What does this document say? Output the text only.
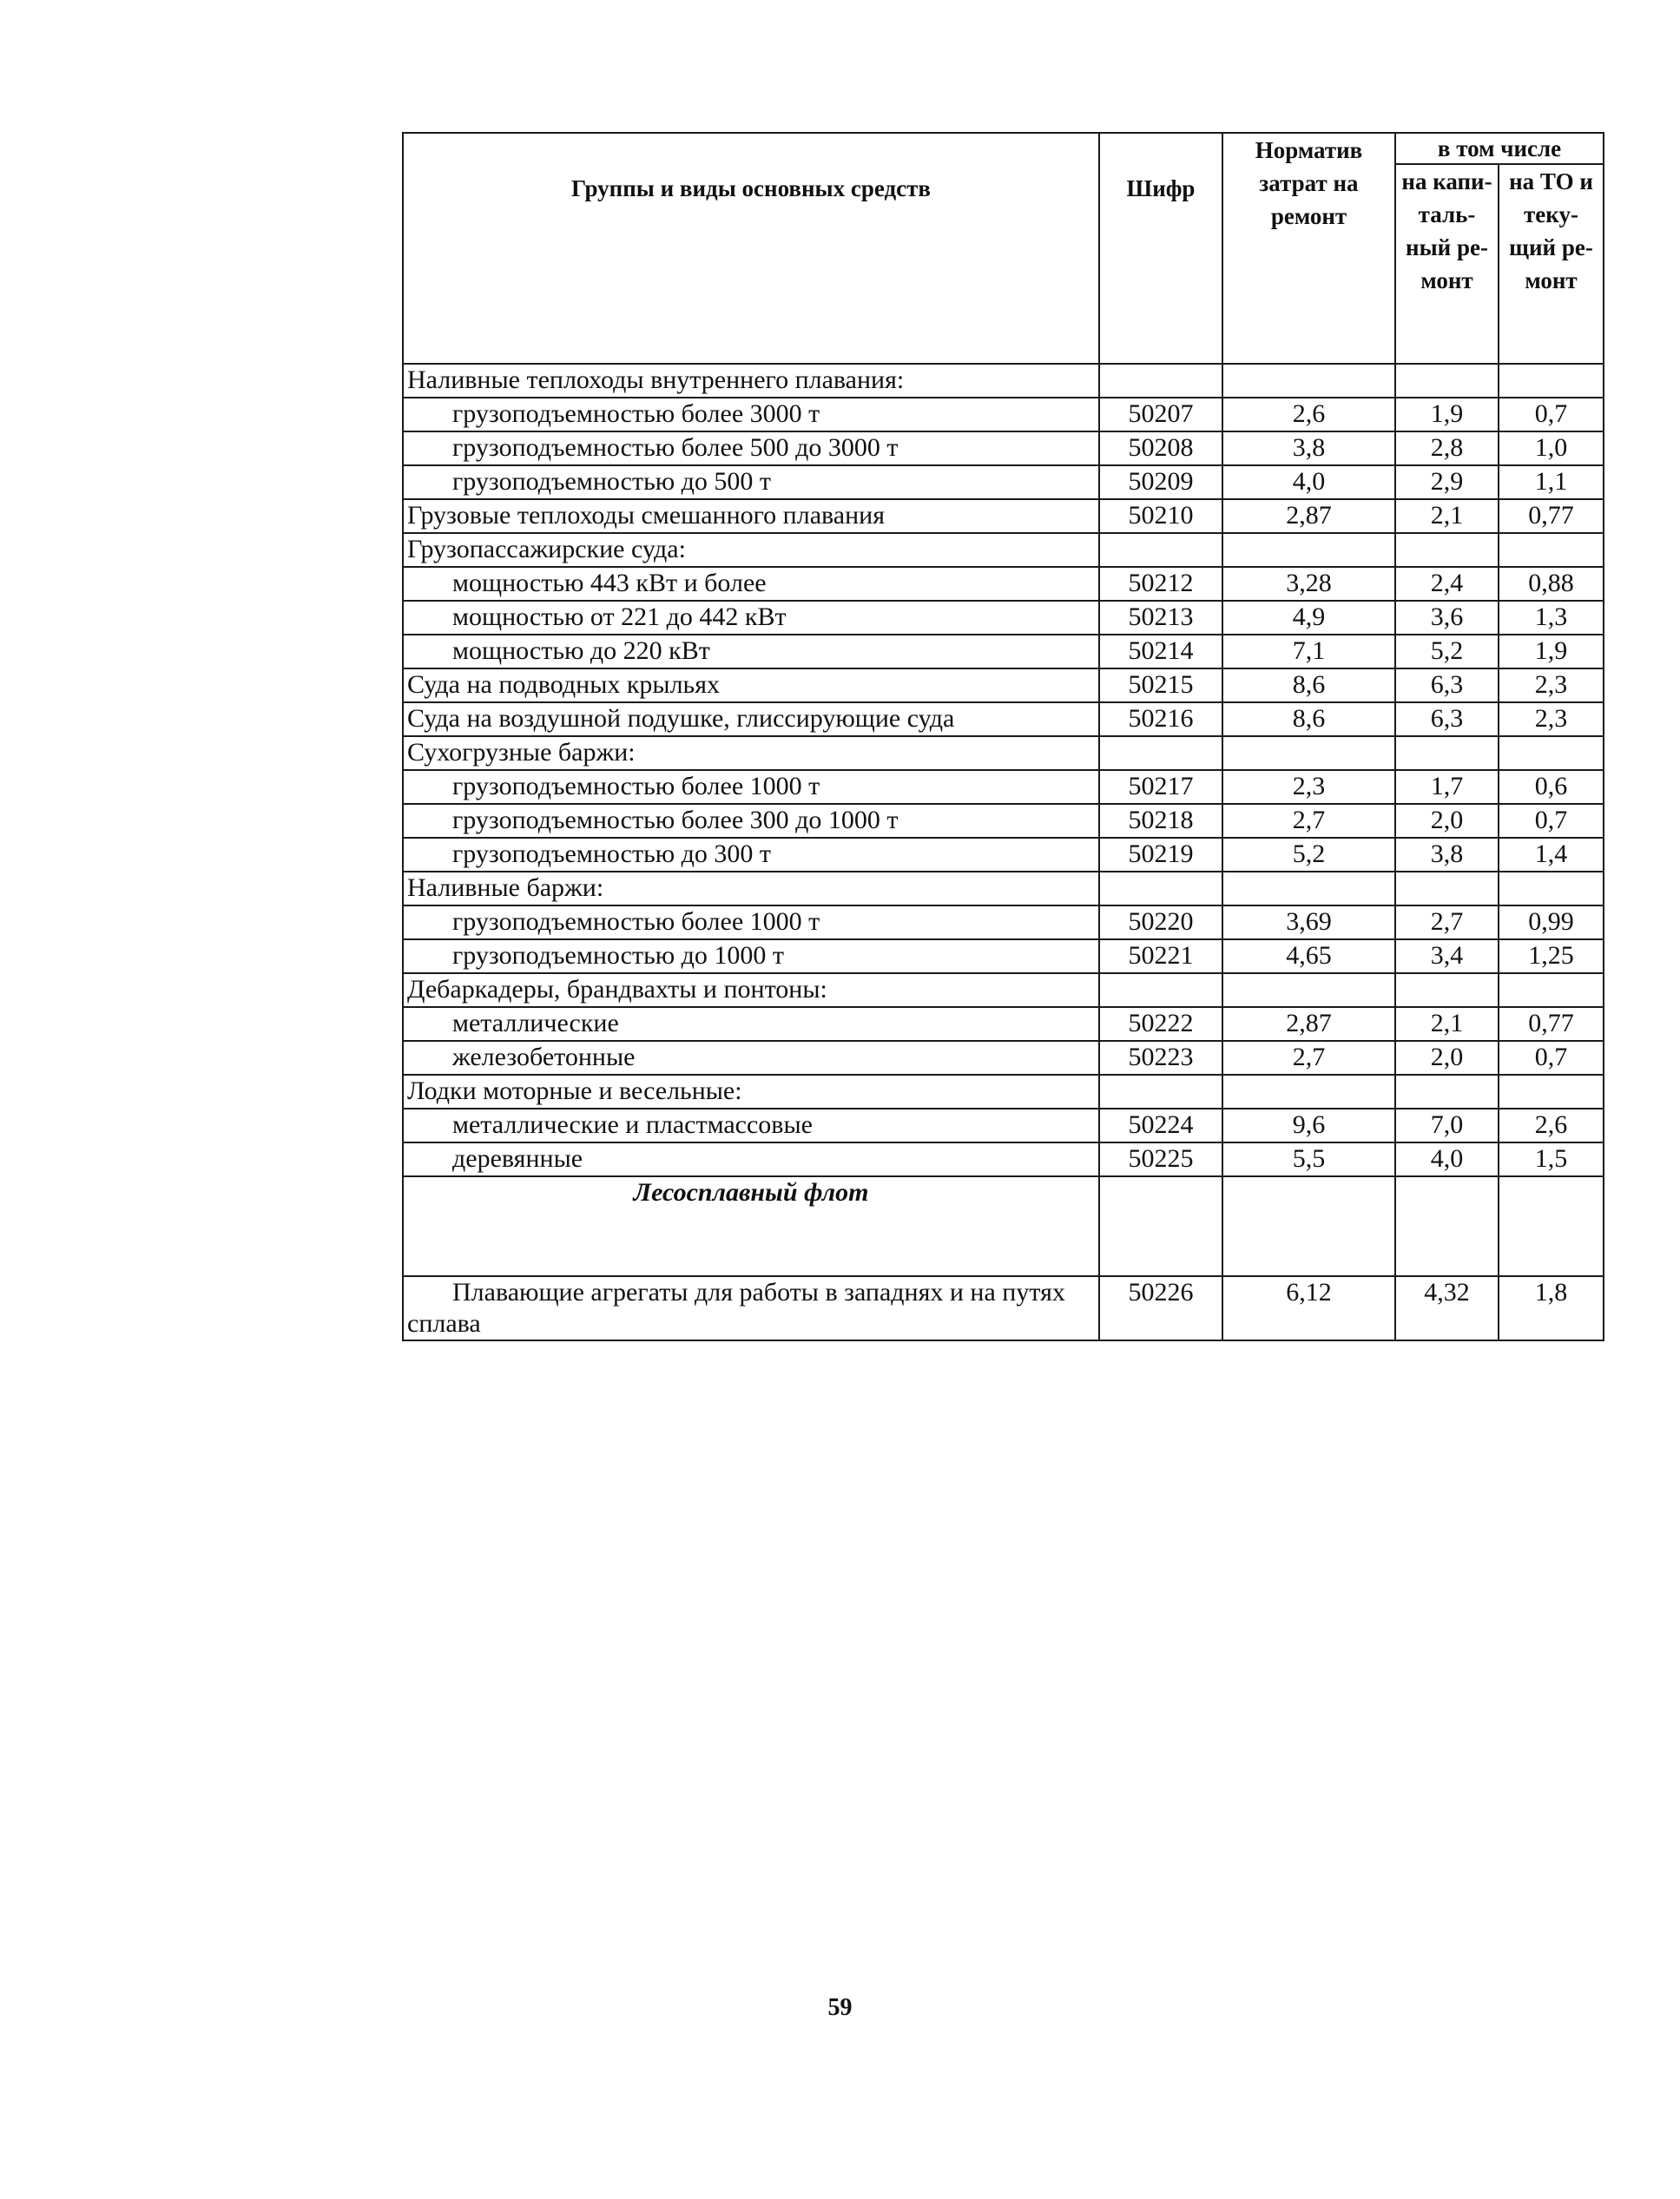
Группы и виды основных средств	Шифр	Норматив затрат на ремонт	в том числе	
			на капи-таль-ный ре-монт	на ТО и теку-щий ре-монт
Наливные теплоходы внутреннего плавания:				
грузоподъемностью более 3000 т	50207	2,6	1,9	0,7
грузоподъемностью более 500 до 3000 т	50208	3,8	2,8	1,0
грузоподъемностью до 500 т	50209	4,0	2,9	1,1
Грузовые теплоходы смешанного плавания	50210	2,87	2,1	0,77
Грузопассажирские суда:				
мощностью 443 кВт и более	50212	3,28	2,4	0,88
мощностью от 221 до 442 кВт	50213	4,9	3,6	1,3
мощностью до 220 кВт	50214	7,1	5,2	1,9
Суда на подводных крыльях	50215	8,6	6,3	2,3
Суда на воздушной подушке, глиссирующие суда	50216	8,6	6,3	2,3
Сухогрузные баржи:				
грузоподъемностью более 1000 т	50217	2,3	1,7	0,6
грузоподъемностью более 300 до 1000 т	50218	2,7	2,0	0,7
грузоподъемностью до 300 т	50219	5,2	3,8	1,4
Наливные баржи:				
грузоподъемностью более 1000 т	50220	3,69	2,7	0,99
грузоподъемностью до 1000 т	50221	4,65	3,4	1,25
Дебаркадеры, брандвахты и понтоны:				
металлические	50222	2,87	2,1	0,77
железобетонные	50223	2,7	2,0	0,7
Лодки моторные и весельные:				
металлические и пластмассовые	50224	9,6	7,0	2,6
деревянные	50225	5,5	4,0	1,5
Лесосплавный флот				
Плавающие агрегаты для работы в западнях и на путях сплава	50226	6,12	4,32	1,8
59
